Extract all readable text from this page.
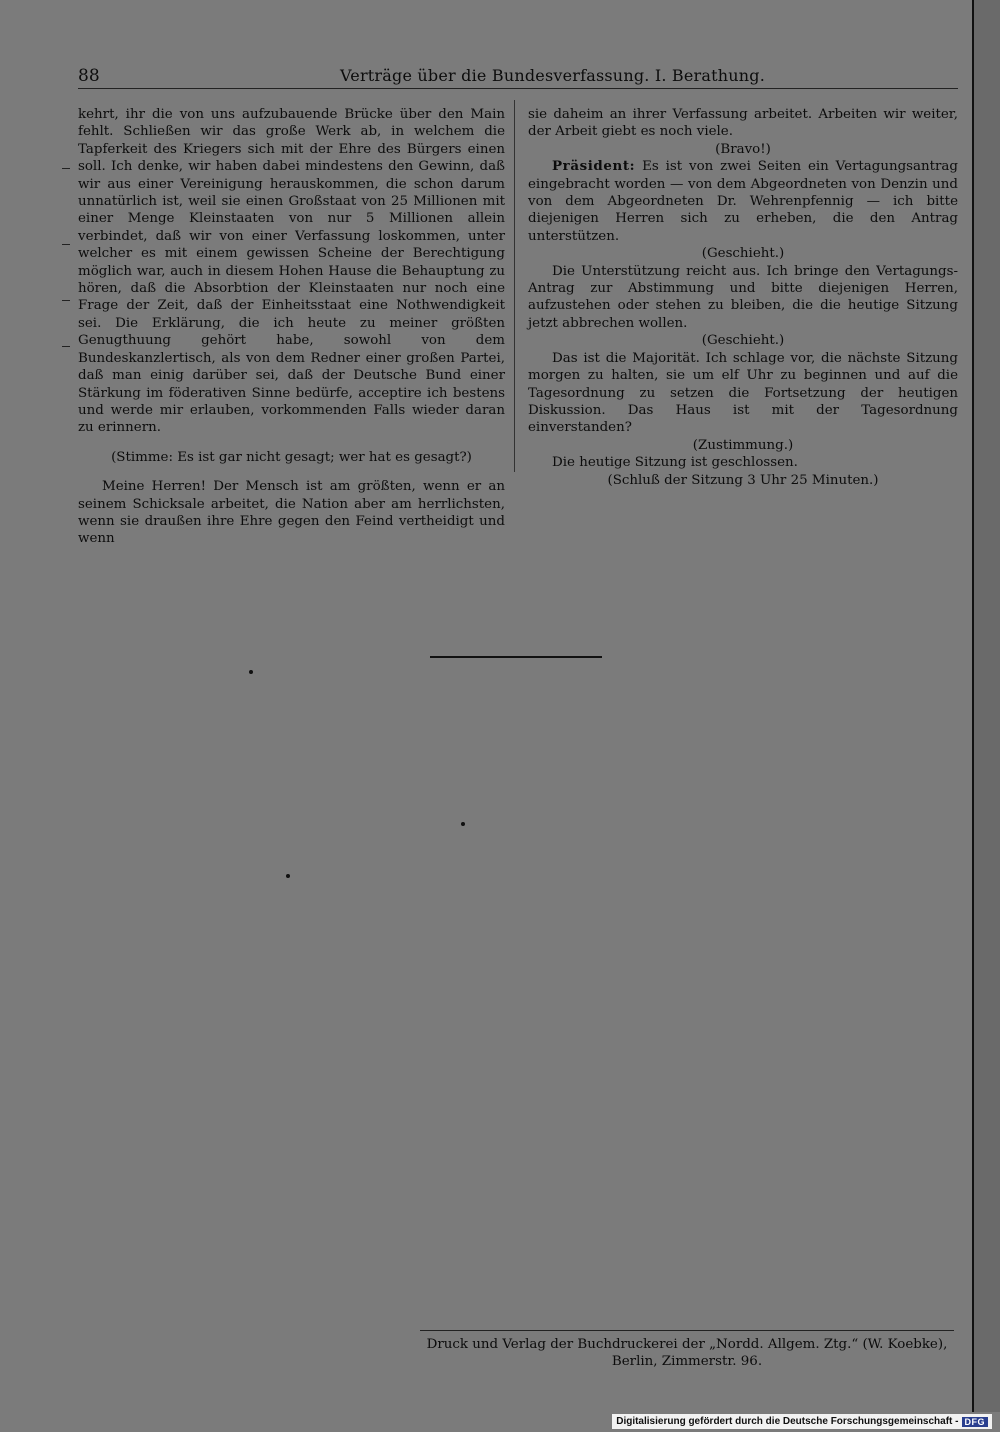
88	Verträge über die Bundesverfassung. I. Berathung.

kehrt, ihr die von uns aufzubauende Brücke über den Main fehlt. Schließen wir das große Werk ab, in welchem die Tapferkeit des Kriegers sich mit der Ehre des Bürgers einen soll. Ich denke, wir haben dabei mindestens den Gewinn, daß wir aus einer Vereinigung herauskommen, die schon darum unnatürlich ist, weil sie einen Großstaat von 25 Millionen mit einer Menge Kleinstaaten von nur 5 Millionen allein verbindet, daß wir von einer Verfassung loskommen, unter welcher es mit einem gewissen Scheine der Berechtigung möglich war, auch in diesem Hohen Hause die Behauptung zu hören, daß die Absorbtion der Kleinstaaten nur noch eine Frage der Zeit, daß der Einheitsstaat eine Nothwendigkeit sei. Die Erklärung, die ich heute zu meiner größten Genugthuung gehört habe, sowohl von dem Bundeskanzlertisch, als von dem Redner einer großen Partei, daß man einig darüber sei, daß der Deutsche Bund einer Stärkung im föderativen Sinne bedürfe, acceptire ich bestens und werde mir erlauben, vorkommenden Falls wieder daran zu erinnern.

(Stimme: Es ist gar nicht gesagt; wer hat es gesagt?)

Meine Herren! Der Mensch ist am größten, wenn er an seinem Schicksale arbeitet, die Nation aber am herrlichsten, wenn sie draußen ihre Ehre gegen den Feind vertheidigt und wenn

sie daheim an ihrer Verfassung arbeitet. Arbeiten wir weiter, der Arbeit giebt es noch viele.

(Bravo!)

Präsident: Es ist von zwei Seiten ein Vertagungsantrag eingebracht worden — von dem Abgeordneten von Denzin und von dem Abgeordneten Dr. Wehrenpfennig — ich bitte diejenigen Herren sich zu erheben, die den Antrag unterstützen.

(Geschieht.)

Die Unterstützung reicht aus. Ich bringe den Vertagungs-Antrag zur Abstimmung und bitte diejenigen Herren, aufzustehen oder stehen zu bleiben, die die heutige Sitzung jetzt abbrechen wollen.

(Geschieht.)

Das ist die Majorität. Ich schlage vor, die nächste Sitzung morgen zu halten, sie um elf Uhr zu beginnen und auf die Tagesordnung zu setzen die Fortsetzung der heutigen Diskussion. Das Haus ist mit der Tagesordnung einverstanden?

(Zustimmung.)

Die heutige Sitzung ist geschlossen.

(Schluß der Sitzung 3 Uhr 25 Minuten.)

Druck und Verlag der Buchdruckerei der „Nordd. Allgem. Ztg.“ (W. Koebke),
Berlin, Zimmerstr. 96.
Digitalisierung gefördert durch die Deutsche Forschungsgemeinschaft - DFG
